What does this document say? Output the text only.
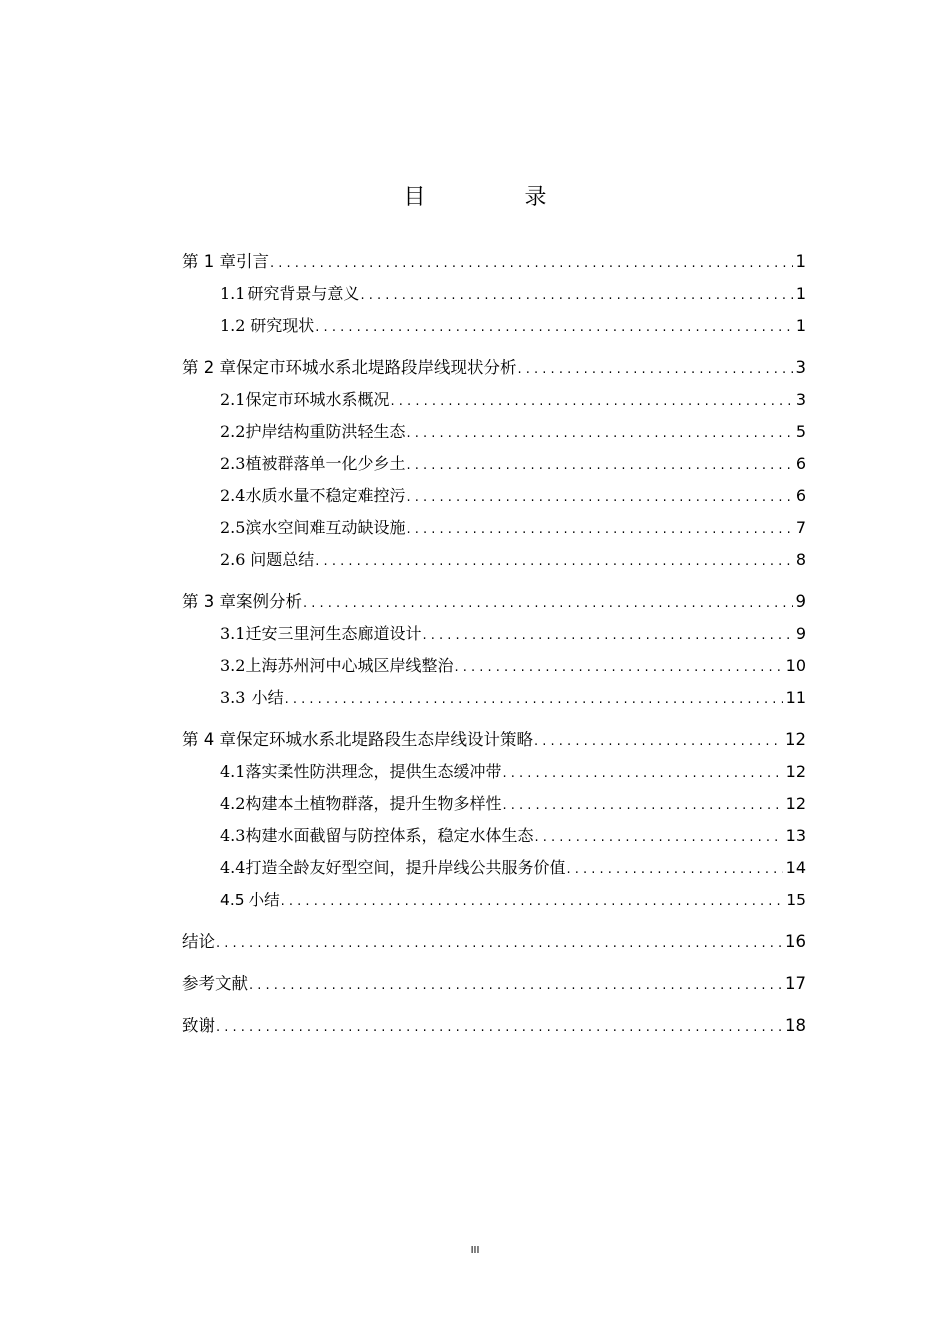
目 录
第 1 章 引言 . . .	1
1.1 研究背景与意义 . . .	1
1.2 研究现状 . . .	1
第 2 章 保定市环城水系北堤路段岸线现状分析 . . .	3
2.1 保定市环城水系概况 . . .	3
2.2 护岸结构重防洪轻生态 . . .	5
2.3 植被群落单一化少乡土 . . .	6
2.4 水质水量不稳定难控污 . . .	6
2.5 滨水空间难互动缺设施 . . .	7
2.6 问题总结 . . .	8
第 3 章 案例分析 . . .	9
3.1 迁安三里河生态廊道设计 . . .	9
3.2 上海苏州河中心城区岸线整治 . . .	10
3.3 小结 . . .	11
第 4 章 保定环城水系北堤路段生态岸线设计策略 . . .	12
4.1 落实柔性防洪理念，提供生态缓冲带 . . .	12
4.2 构建本土植物群落，提升生物多样性 . . .	12
4.3 构建水面截留与防控体系，稳定水体生态 . . .	13
4.4 打造全龄友好型空间，提升岸线公共服务价值 . . .	14
4.5 小结 . . .	15
结论 . . .	16
参考文献 . . .	17
致谢 . . .	18
III
